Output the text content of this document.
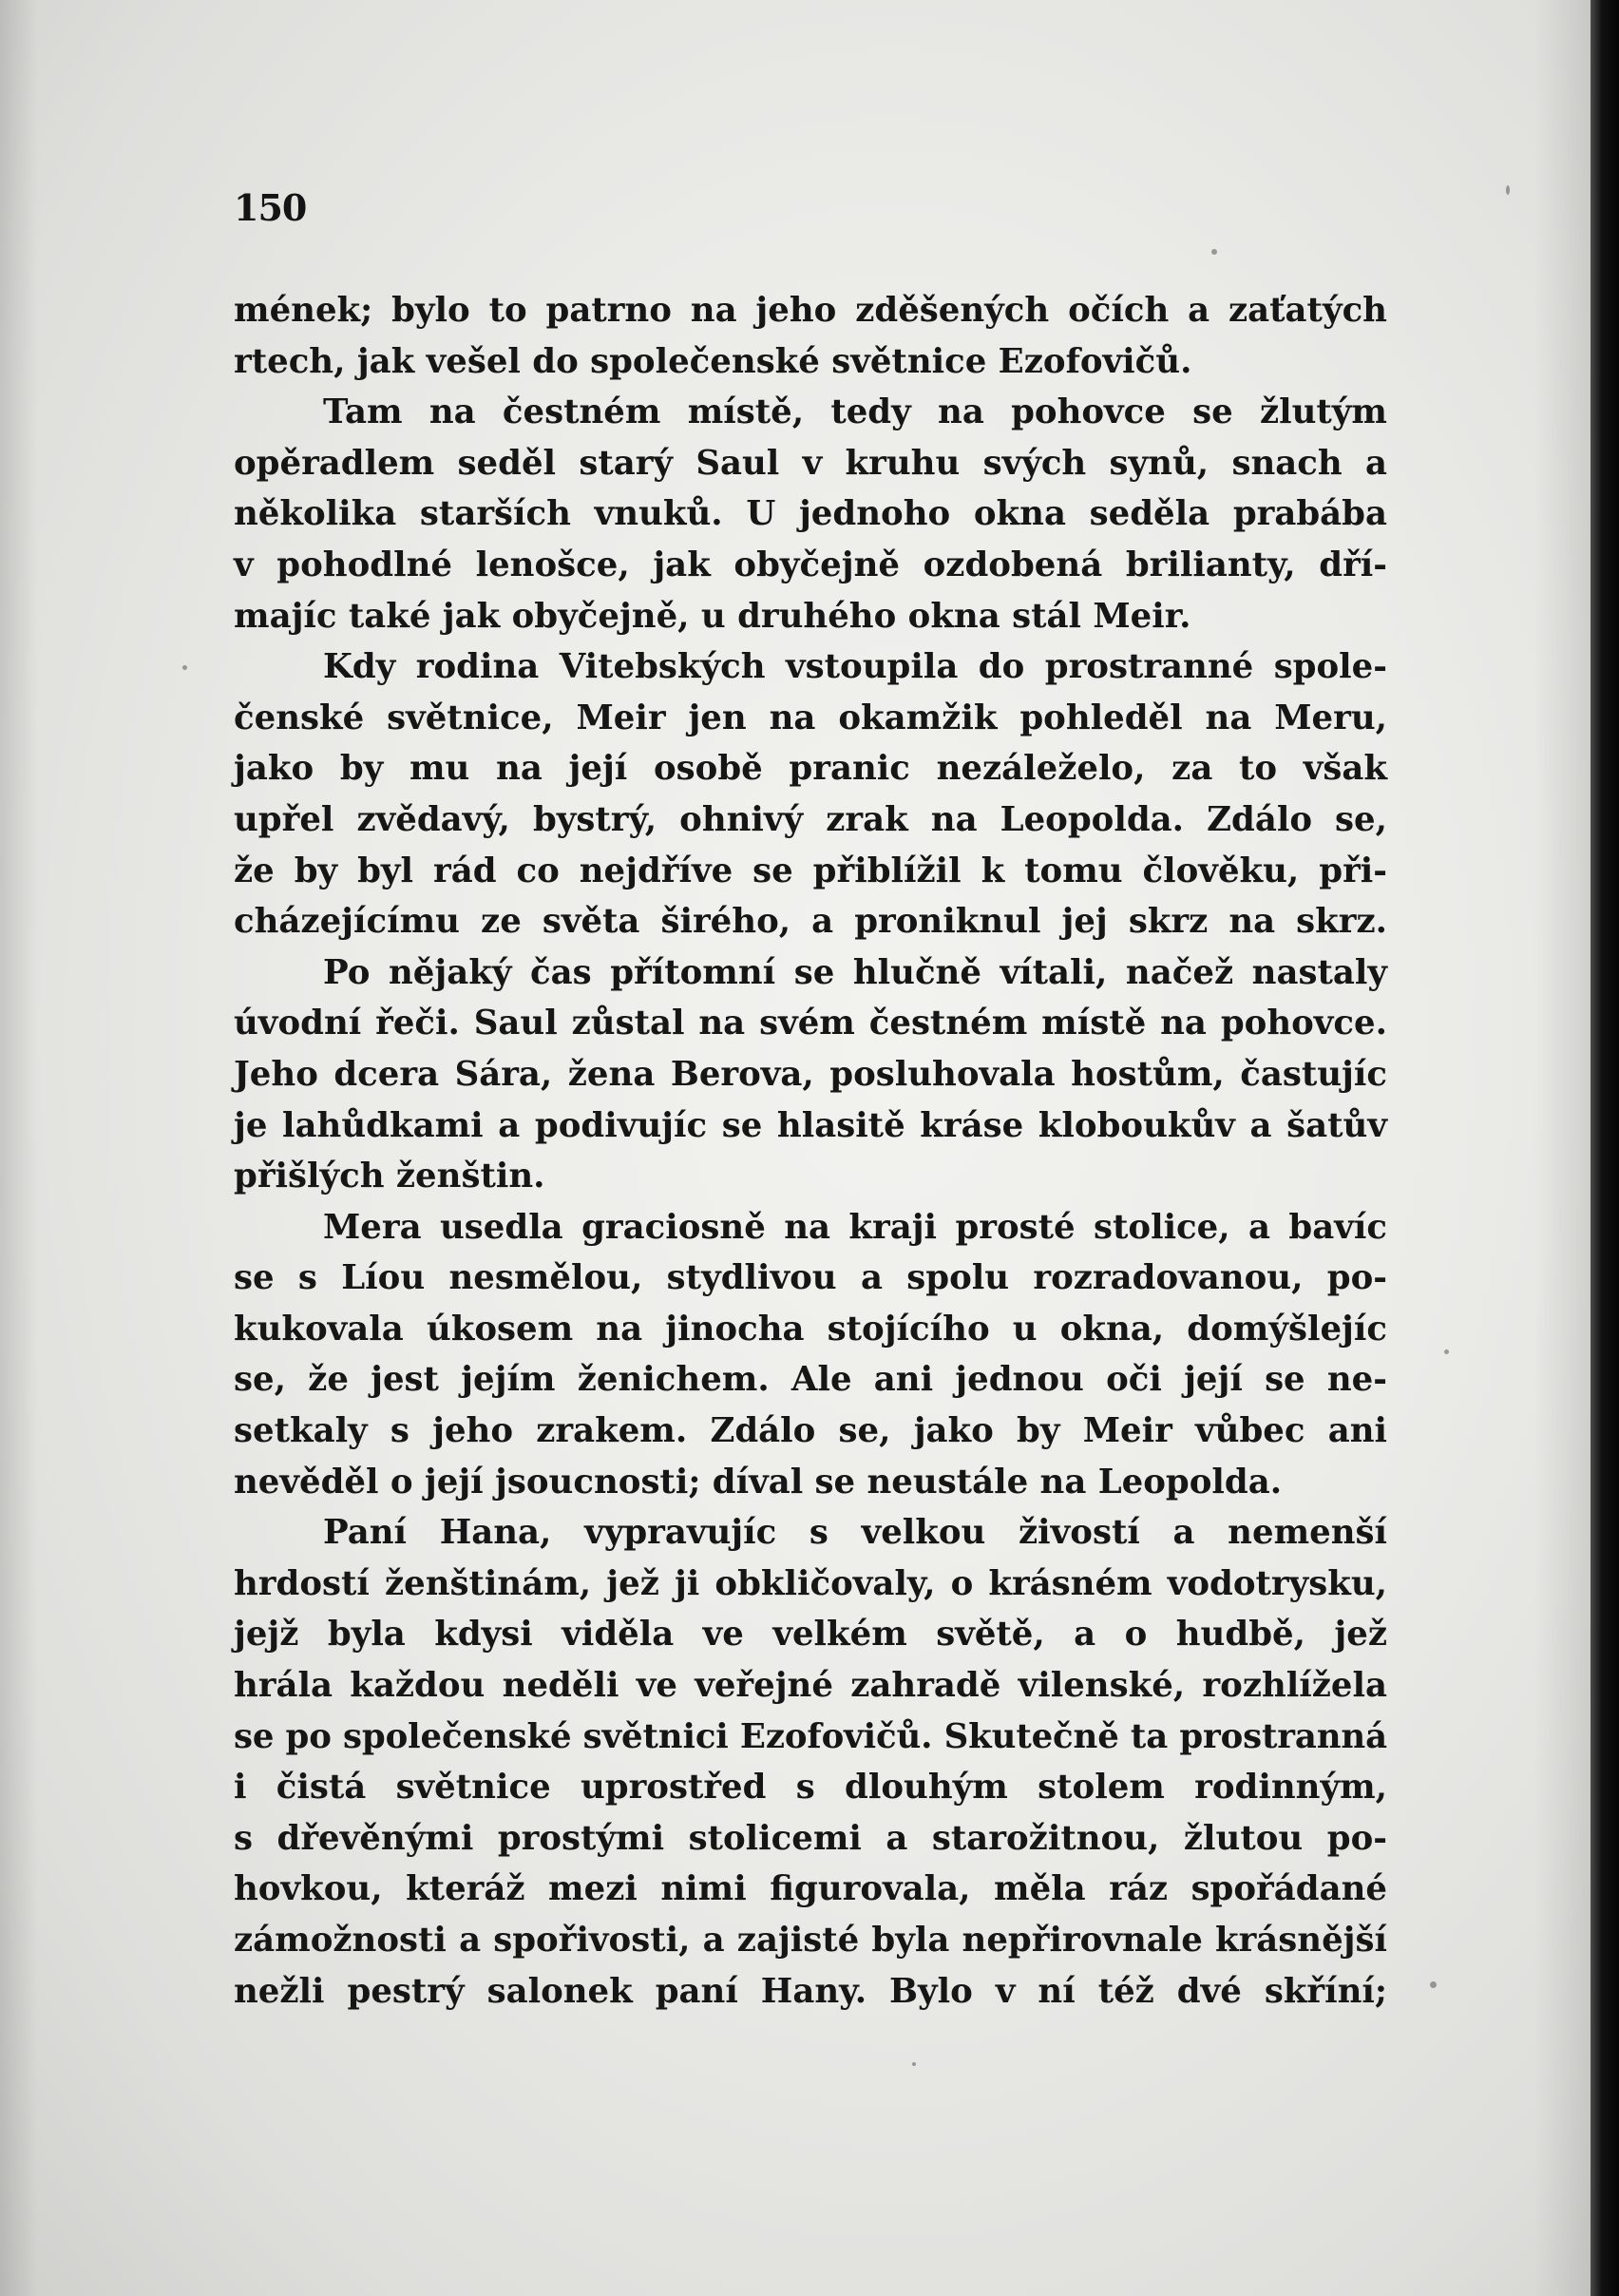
150
mének; bylo to patrno na jeho zděšených očích a zaťatých
rtech, jak vešel do společenské světnice Ezofovičů.
Tam na čestném místě, tedy na pohovce se žlutým
opěradlem seděl starý Saul v kruhu svých synů, snach a
několika starších vnuků. U jednoho okna seděla prabába
v pohodlné lenošce, jak obyčejně ozdobená brilianty, dří-
majíc také jak obyčejně, u druhého okna stál Meir.
Kdy rodina Vitebských vstoupila do prostranné spole-
čenské světnice, Meir jen na okamžik pohleděl na Meru,
jako by mu na její osobě pranic nezáleželo, za to však
upřel zvědavý, bystrý, ohnivý zrak na Leopolda. Zdálo se,
že by byl rád co nejdříve se přiblížil k tomu člověku, při-
cházejícímu ze světa širého, a proniknul jej skrz na skrz.
Po nějaký čas přítomní se hlučně vítali, načež nastaly
úvodní řeči. Saul zůstal na svém čestném místě na pohovce.
Jeho dcera Sára, žena Berova, posluhovala hostům, častujíc
je lahůdkami a podivujíc se hlasitě kráse kloboukův a šatův
přišlých ženštin.
Mera usedla graciosně na kraji prosté stolice, a bavíc
se s Líou nesmělou, stydlivou a spolu rozradovanou, po-
kukovala úkosem na jinocha stojícího u okna, domýšlejíc
se, že jest jejím ženichem. Ale ani jednou oči její se ne-
setkaly s jeho zrakem. Zdálo se, jako by Meir vůbec ani
nevěděl o její jsoucnosti; díval se neustále na Leopolda.
Paní Hana, vypravujíc s velkou živostí a nemenší
hrdostí ženštinám, jež ji obkličovaly, o krásném vodotrysku,
jejž byla kdysi viděla ve velkém světě, a o hudbě, jež
hrála každou neděli ve veřejné zahradě vilenské, rozhlížela
se po společenské světnici Ezofovičů. Skutečně ta prostranná
i čistá světnice uprostřed s dlouhým stolem rodinným,
s dřevěnými prostými stolicemi a starožitnou, žlutou po-
hovkou, kteráž mezi nimi figurovala, měla ráz spořádané
zámožnosti a spořivosti, a zajisté byla nepřirovnale krásnější
nežli pestrý salonek paní Hany. Bylo v ní též dvé skříní;
